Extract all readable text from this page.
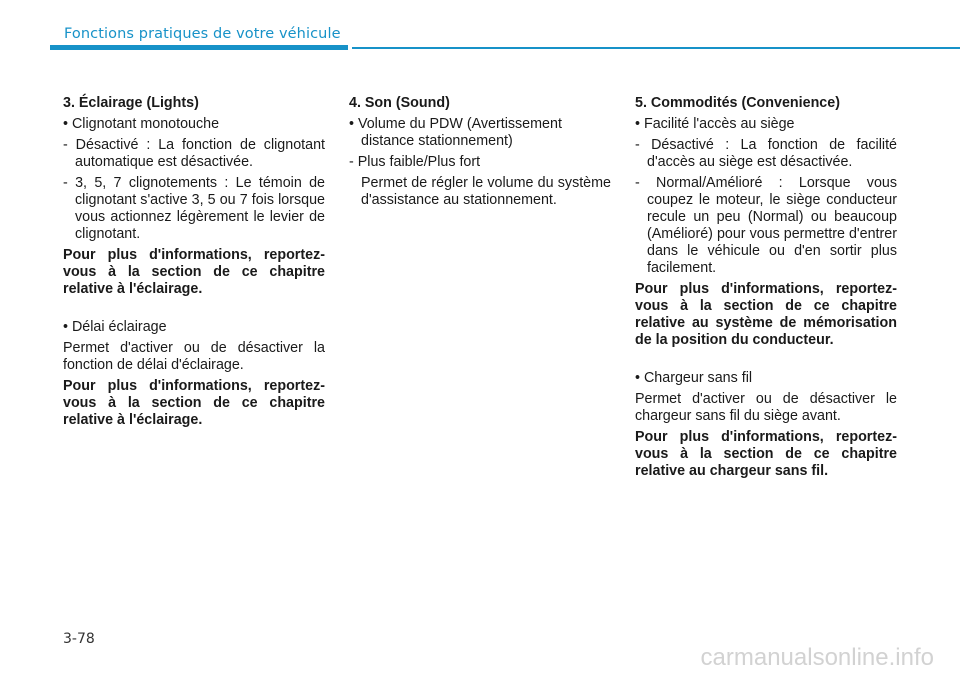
Fonctions pratiques de votre véhicule

3. Éclairage (Lights)

• Clignotant monotouche

- Désactivé : La fonction de clignotant automatique est désactivée.

- 3, 5, 7 clignotements : Le témoin de clignotant s'active 3, 5 ou 7 fois lorsque vous actionnez légèrement le levier de clignotant.

Pour plus d'informations, reportez-vous à la section de ce chapitre relative à l'éclairage.

• Délai éclairage

Permet d'activer ou de désactiver la fonction de délai d'éclairage.

Pour plus d'informations, reportez-vous à la section de ce chapitre relative à l'éclairage.

4. Son (Sound)

• Volume du PDW (Avertissement distance stationnement)

- Plus faible/Plus fort

Permet de régler le volume du système d'assistance au stationnement.

5. Commodités (Convenience)

• Facilité l'accès au siège

- Désactivé : La fonction de facilité d'accès au siège est désactivée.

- Normal/Amélioré : Lorsque vous coupez le moteur, le siège conducteur recule un peu (Normal) ou beaucoup (Amélioré) pour vous permettre d'entrer dans le véhicule ou d'en sortir plus facilement.

Pour plus d'informations, reportez-vous à la section de ce chapitre relative au système de mémorisation de la position du conducteur.

• Chargeur sans fil

Permet d'activer ou de désactiver le chargeur sans fil du siège avant.

Pour plus d'informations, reportez-vous à la section de ce chapitre relative au chargeur sans fil.

3-78
carmanualsonline.info
